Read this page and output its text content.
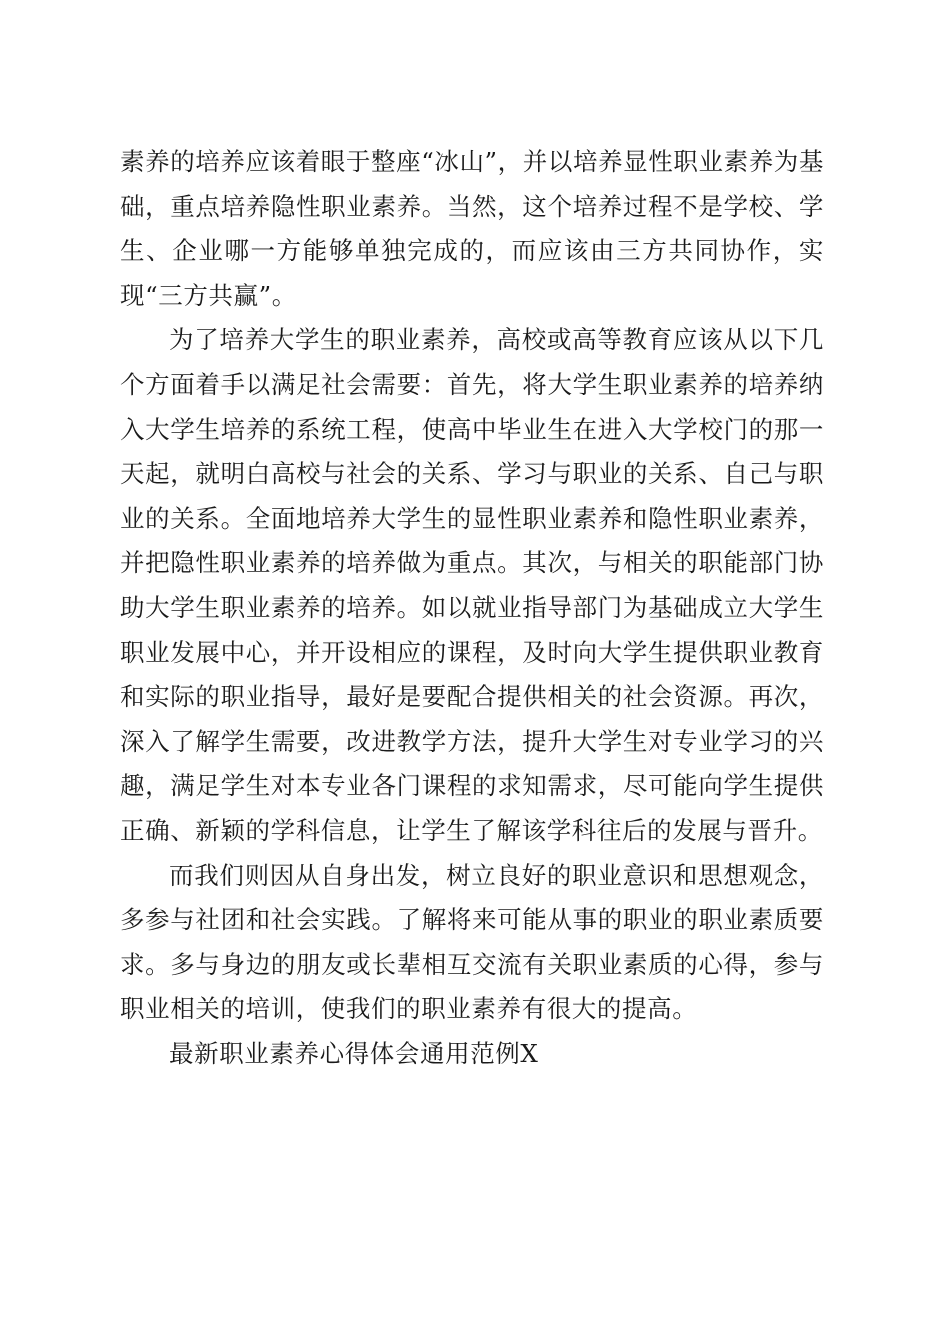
素养的培养应该着眼于整座“冰山”，并以培养显性职业素养为基础，重点培养隐性职业素养。当然，这个培养过程不是学校、学生、企业哪一方能够单独完成的，而应该由三方共同协作，实现“三方共赢”。

为了培养大学生的职业素养，高校或高等教育应该从以下几个方面着手以满足社会需要：首先，将大学生职业素养的培养纳入大学生培养的系统工程，使高中毕业生在进入大学校门的那一天起，就明白高校与社会的关系、学习与职业的关系、自己与职业的关系。全面地培养大学生的显性职业素养和隐性职业素养，并把隐性职业素养的培养做为重点。其次，与相关的职能部门协助大学生职业素养的培养。如以就业指导部门为基础成立大学生职业发展中心，并开设相应的课程，及时向大学生提供职业教育和实际的职业指导，最好是要配合提供相关的社会资源。再次，深入了解学生需要，改进教学方法，提升大学生对专业学习的兴趣，满足学生对本专业各门课程的求知需求，尽可能向学生提供正确、新颖的学科信息，让学生了解该学科往后的发展与晋升。

而我们则因从自身出发，树立良好的职业意识和思想观念，多参与社团和社会实践。了解将来可能从事的职业的职业素质要求。多与身边的朋友或长辈相互交流有关职业素质的心得，参与职业相关的培训，使我们的职业素养有很大的提高。

最新职业素养心得体会通用范例X
